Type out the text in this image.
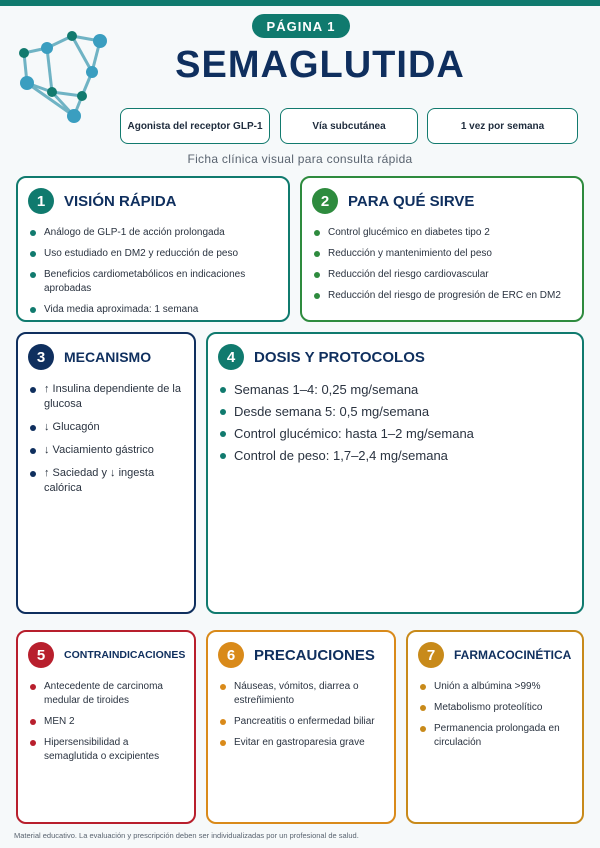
PÁGINA 1
SEMAGLUTIDA
Agonista del receptor GLP-1	Vía subcutánea	1 vez por semana
Ficha clínica visual para consulta rápida
1	VISIÓN RÁPIDA
Análogo de GLP-1 de acción prolongada
Uso estudiado en DM2 y reducción de peso
Beneficios cardiometabólicos en indicaciones aprobadas
Vida media aproximada: 1 semana
2	PARA QUÉ SIRVE
Control glucémico en diabetes tipo 2
Reducción y mantenimiento del peso
Reducción del riesgo cardiovascular
Reducción del riesgo de progresión de ERC en DM2
3	MECANISMO
↑ Insulina dependiente de la glucosa
↓ Glucagón
↓ Vaciamiento gástrico
↑ Saciedad y ↓ ingesta calórica
4	DOSIS Y PROTOCOLOS
Semanas 1–4: 0,25 mg/semana
Desde semana 5: 0,5 mg/semana
Control glucémico: hasta 1–2 mg/semana
Control de peso: 1,7–2,4 mg/semana
5	CONTRAINDICACIONES
Antecedente de carcinoma medular de tiroides
MEN 2
Hipersensibilidad a semaglutida o excipientes
6	PRECAUCIONES
Náuseas, vómitos, diarrea o estreñimiento
Pancreatitis o enfermedad biliar
Evitar en gastroparesia grave
7	FARMACOCINÉTICA
Unión a albúmina >99%
Metabolismo proteolítico
Permanencia prolongada en circulación
Material educativo. La evaluación y prescripción deben ser individualizadas por un profesional de salud.
